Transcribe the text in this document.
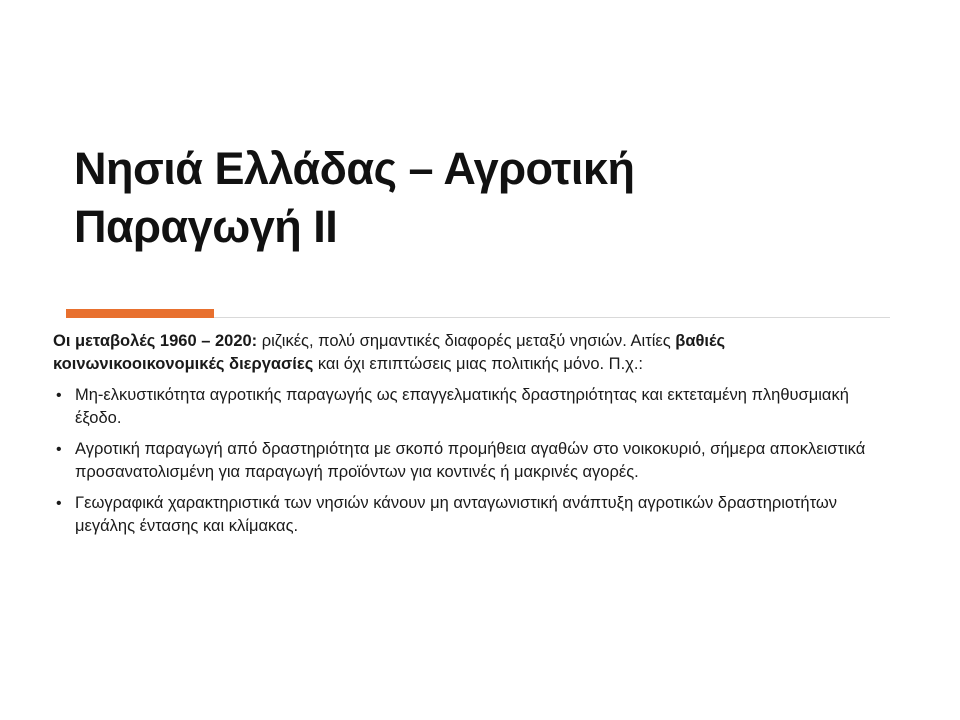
Νησιά Ελλάδας – Αγροτική
Παραγωγή ΙΙ

Οι μεταβολές 1960 – 2020: ριζικές, πολύ σημαντικές διαφορές μεταξύ νησιών. Αιτίες βαθιές κοινωνικοοικονομικές διεργασίες και όχι επιπτώσεις μιας πολιτικής μόνο. Π.χ.:

• Μη-ελκυστικότητα αγροτικής παραγωγής ως επαγγελματικής δραστηριότητας και εκτεταμένη πληθυσμιακή έξοδο.
• Αγροτική παραγωγή από δραστηριότητα με σκοπό προμήθεια αγαθών στο νοικοκυριό, σήμερα αποκλειστικά προσανατολισμένη για παραγωγή προϊόντων για κοντινές ή μακρινές αγορές.
• Γεωγραφικά χαρακτηριστικά των νησιών κάνουν μη ανταγωνιστική ανάπτυξη αγροτικών δραστηριοτήτων μεγάλης έντασης και κλίμακας.
